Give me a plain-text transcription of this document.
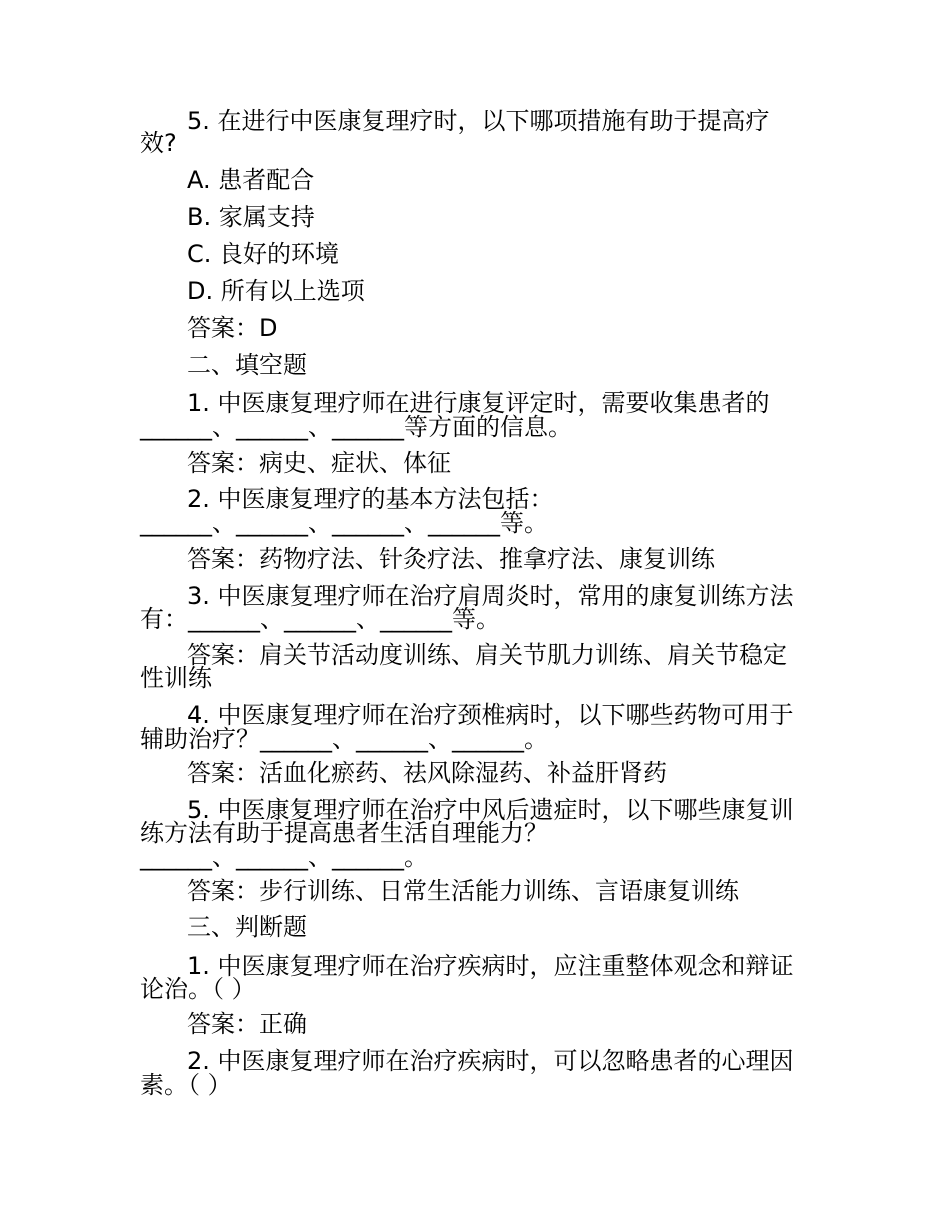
5. 在进行中医康复理疗时，以下哪项措施有助于提高疗
效?
A. 患者配合
B. 家属支持
C. 良好的环境
D. 所有以上选项
答案：D
二、填空题
1. 中医康复理疗师在进行康复评定时，需要收集患者的
______、______、______等方面的信息。
答案：病史、症状、体征
2. 中医康复理疗的基本方法包括：
______、______、______、______等。
答案：药物疗法、针灸疗法、推拿疗法、康复训练
3. 中医康复理疗师在治疗肩周炎时，常用的康复训练方法
有：______、______、______等。
答案：肩关节活动度训练、肩关节肌力训练、肩关节稳定
性训练
4. 中医康复理疗师在治疗颈椎病时，以下哪些药物可用于
辅助治疗？______、______、______。
答案：活血化瘀药、祛风除湿药、补益肝肾药
5. 中医康复理疗师在治疗中风后遗症时，以下哪些康复训
练方法有助于提高患者生活自理能力？
______、______、______。
答案：步行训练、日常生活能力训练、言语康复训练
三、判断题
1. 中医康复理疗师在治疗疾病时，应注重整体观念和辩证
论治。（ ）
答案：正确
2. 中医康复理疗师在治疗疾病时，可以忽略患者的心理因
素。（ ）
